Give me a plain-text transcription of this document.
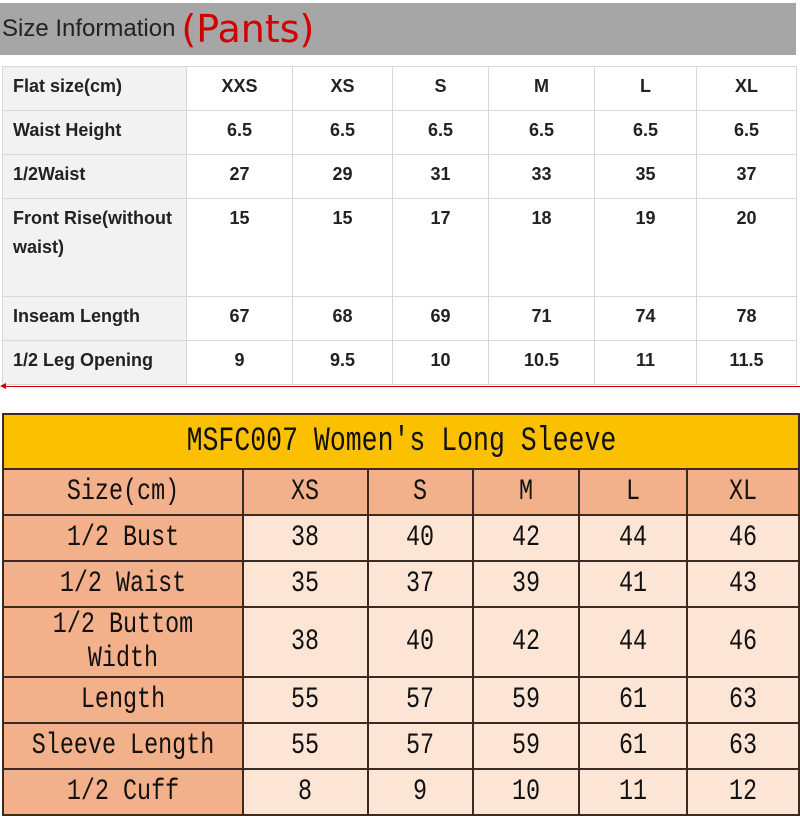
Size Information (Pants)
Flat size(cm)	XXS	XS	S	M	L	XL
Waist Height	6.5	6.5	6.5	6.5	6.5	6.5
1/2Waist	27	29	31	33	35	37
Front Rise(without waist)	15	15	17	18	19	20
Inseam Length	67	68	69	71	74	78
1/2 Leg Opening	9	9.5	10	10.5	11	11.5
MSFC007 Women's Long Sleeve					
Size(cm)	XS	S	M	L	XL
1/2 Bust	38	40	42	44	46
1/2 Waist	35	37	39	41	43
1/2 Buttom Width	38	40	42	44	46
Length	55	57	59	61	63
Sleeve Length	55	57	59	61	63
1/2 Cuff	8	9	10	11	12
